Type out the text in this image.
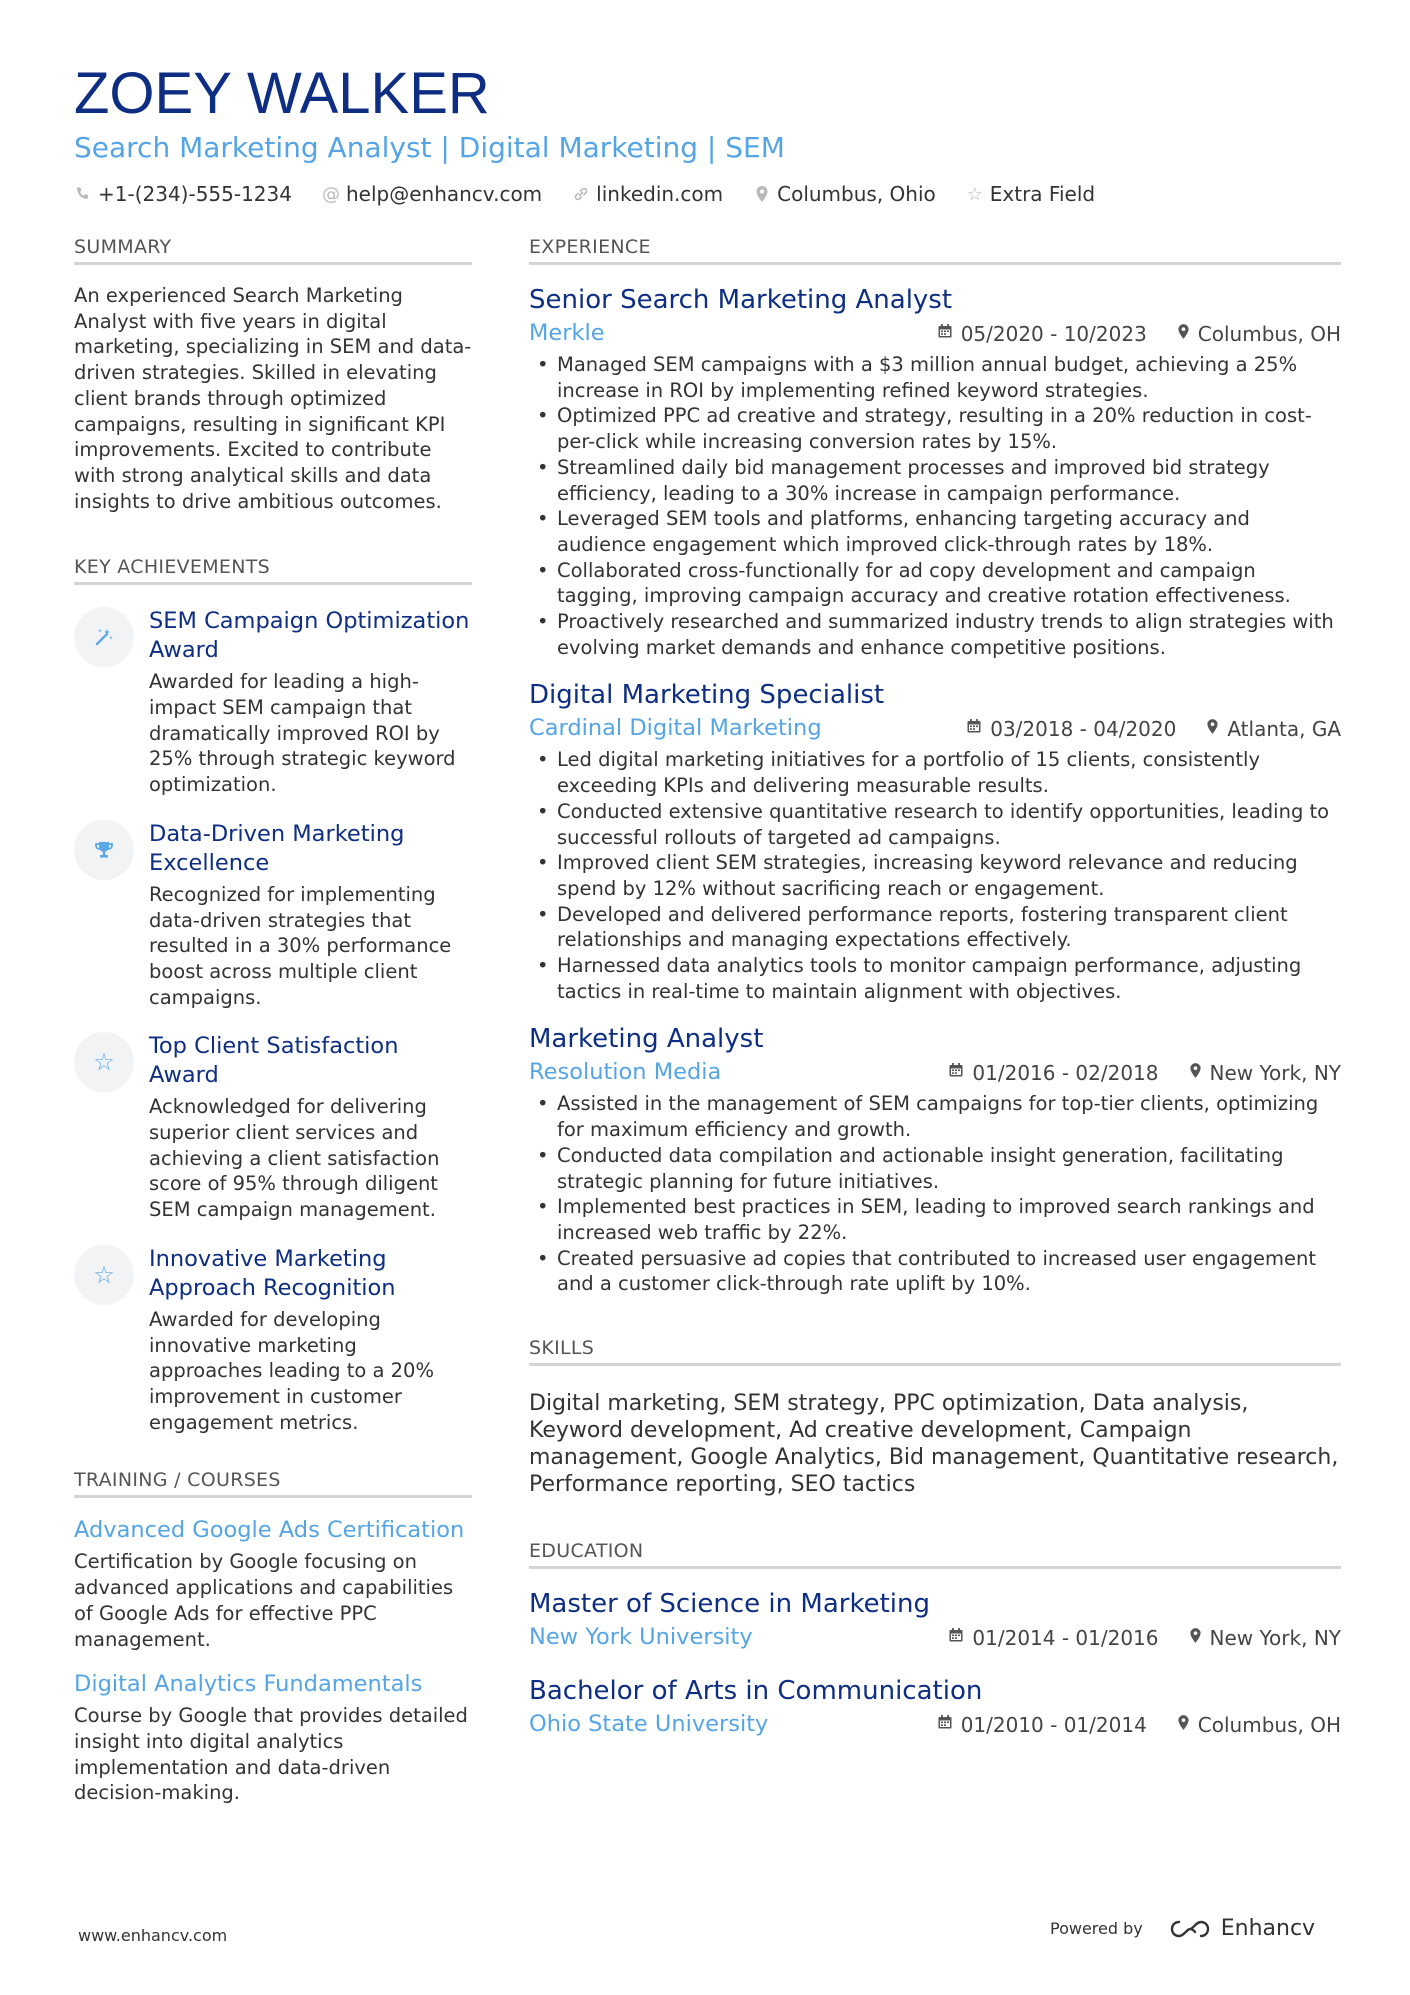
ZOEY WALKER
Search Marketing Analyst | Digital Marketing | SEM
+1-(234)-555-1234 @ help@enhancv.com	linkedin.com	Columbus, Ohio ☆ Extra Field
SUMMARY
An experienced Search Marketing Analyst with five years in digital marketing, specializing in SEM and data-driven strategies. Skilled in elevating client brands through optimized campaigns, resulting in significant KPI improvements. Excited to contribute with strong analytical skills and data insights to drive ambitious outcomes.
KEY ACHIEVEMENTS
SEM Campaign Optimization Award
Awarded for leading a high-impact SEM campaign that dramatically improved ROI by 25% through strategic keyword optimization.
Data-Driven Marketing Excellence
Recognized for implementing data-driven strategies that resulted in a 30% performance boost across multiple client campaigns.
☆
Top Client Satisfaction Award
Acknowledged for delivering superior client services and achieving a client satisfaction score of 95% through diligent SEM campaign management.
☆
Innovative Marketing Approach Recognition
Awarded for developing innovative marketing approaches leading to a 20% improvement in customer engagement metrics.
TRAINING / COURSES
Advanced Google Ads Certification
Certification by Google focusing on advanced applications and capabilities of Google Ads for effective PPC management.
Digital Analytics Fundamentals
Course by Google that provides detailed insight into digital analytics implementation and data-driven decision-making.
EXPERIENCE
Senior Search Marketing Analyst
Merkle	05/2020 - 10/2023	Columbus, OH
• Managed SEM campaigns with a $3 million annual budget, achieving a 25% increase in ROI by implementing refined keyword strategies.
• Optimized PPC ad creative and strategy, resulting in a 20% reduction in cost-per-click while increasing conversion rates by 15%.
• Streamlined daily bid management processes and improved bid strategy efficiency, leading to a 30% increase in campaign performance.
• Leveraged SEM tools and platforms, enhancing targeting accuracy and audience engagement which improved click-through rates by 18%.
• Collaborated cross-functionally for ad copy development and campaign tagging, improving campaign accuracy and creative rotation effectiveness.
• Proactively researched and summarized industry trends to align strategies with evolving market demands and enhance competitive positions.
Digital Marketing Specialist
Cardinal Digital Marketing	03/2018 - 04/2020	Atlanta, GA
• Led digital marketing initiatives for a portfolio of 15 clients, consistently exceeding KPIs and delivering measurable results.
• Conducted extensive quantitative research to identify opportunities, leading to successful rollouts of targeted ad campaigns.
• Improved client SEM strategies, increasing keyword relevance and reducing spend by 12% without sacrificing reach or engagement.
• Developed and delivered performance reports, fostering transparent client relationships and managing expectations effectively.
• Harnessed data analytics tools to monitor campaign performance, adjusting tactics in real-time to maintain alignment with objectives.
Marketing Analyst
Resolution Media	01/2016 - 02/2018	New York, NY
• Assisted in the management of SEM campaigns for top-tier clients, optimizing for maximum efficiency and growth.
• Conducted data compilation and actionable insight generation, facilitating strategic planning for future initiatives.
• Implemented best practices in SEM, leading to improved search rankings and increased web traffic by 22%.
• Created persuasive ad copies that contributed to increased user engagement and a customer click-through rate uplift by 10%.
SKILLS
Digital marketing, SEM strategy, PPC optimization, Data analysis, Keyword development, Ad creative development, Campaign management, Google Analytics, Bid management, Quantitative research, Performance reporting, SEO tactics
EDUCATION
Master of Science in Marketing
New York University	01/2014 - 01/2016	New York, NY
Bachelor of Arts in Communication
Ohio State University	01/2010 - 01/2014	Columbus, OH
www.enhancv.com	Powered by	Enhancv
